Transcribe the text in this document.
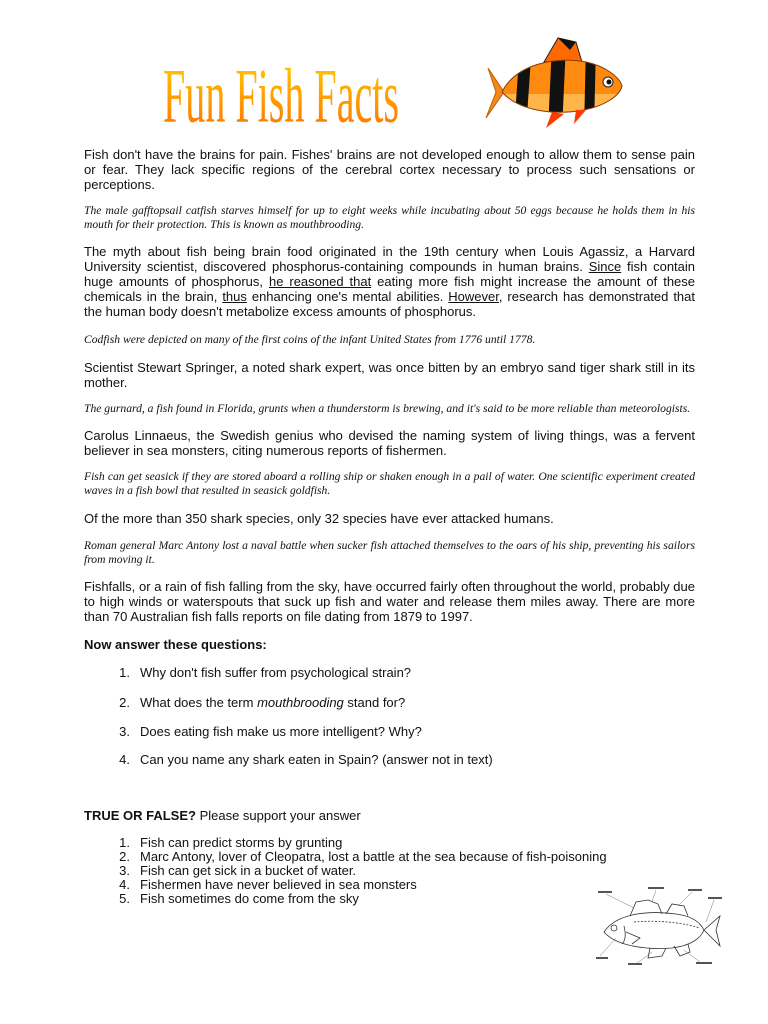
Fun Fish Facts

Fish don't have the brains for pain. Fishes' brains are not developed enough to allow them to sense pain or fear. They lack specific regions of the cerebral cortex necessary to process such sensations or perceptions.

The male gafftopsail catfish starves himself for up to eight weeks while incubating about 50 eggs because he holds them in his mouth for their protection. This is known as mouthbrooding.

The myth about fish being brain food originated in the 19th century when Louis Agassiz, a Harvard University scientist, discovered phosphorus-containing compounds in human brains. Since fish contain huge amounts of phosphorus, he reasoned that eating more fish might increase the amount of these chemicals in the brain, thus enhancing one's mental abilities. However, research has demonstrated that the human body doesn't metabolize excess amounts of phosphorus.

Codfish were depicted on many of the first coins of the infant United States from 1776 until 1778.

Scientist Stewart Springer, a noted shark expert, was once bitten by an embryo sand tiger shark still in its mother.

The gurnard, a fish found in Florida, grunts when a thunderstorm is brewing, and it's said to be more reliable than meteorologists.

Carolus Linnaeus, the Swedish genius who devised the naming system of living things, was a fervent believer in sea monsters, citing numerous reports of fishermen.

Fish can get seasick if they are stored aboard a rolling ship or shaken enough in a pail of water. One scientific experiment created waves in a fish bowl that resulted in seasick goldfish.

Of the more than 350 shark species, only 32 species have ever attacked humans.

Roman general Marc Antony lost a naval battle when sucker fish attached themselves to the oars of his ship, preventing his sailors from moving it.

Fishfalls, or a rain of fish falling from the sky, have occurred fairly often throughout the world, probably due to high winds or waterspouts that suck up fish and water and release them miles away. There are more than 70 Australian fish falls reports on file dating from 1879 to 1997.

Now answer these questions:

1. Why don't fish suffer from psychological strain?
2. What does the term mouthbrooding stand for?
3. Does eating fish make us more intelligent? Why?
4. Can you name any shark eaten in Spain? (answer not in text)

TRUE OR FALSE? Please support your answer

1. Fish can predict storms by grunting
2. Marc Antony, lover of Cleopatra, lost a battle at the sea because of fish-poisoning
3. Fish can get sick in a bucket of water.
4. Fishermen have never believed in sea monsters
5. Fish sometimes do come from the sky
